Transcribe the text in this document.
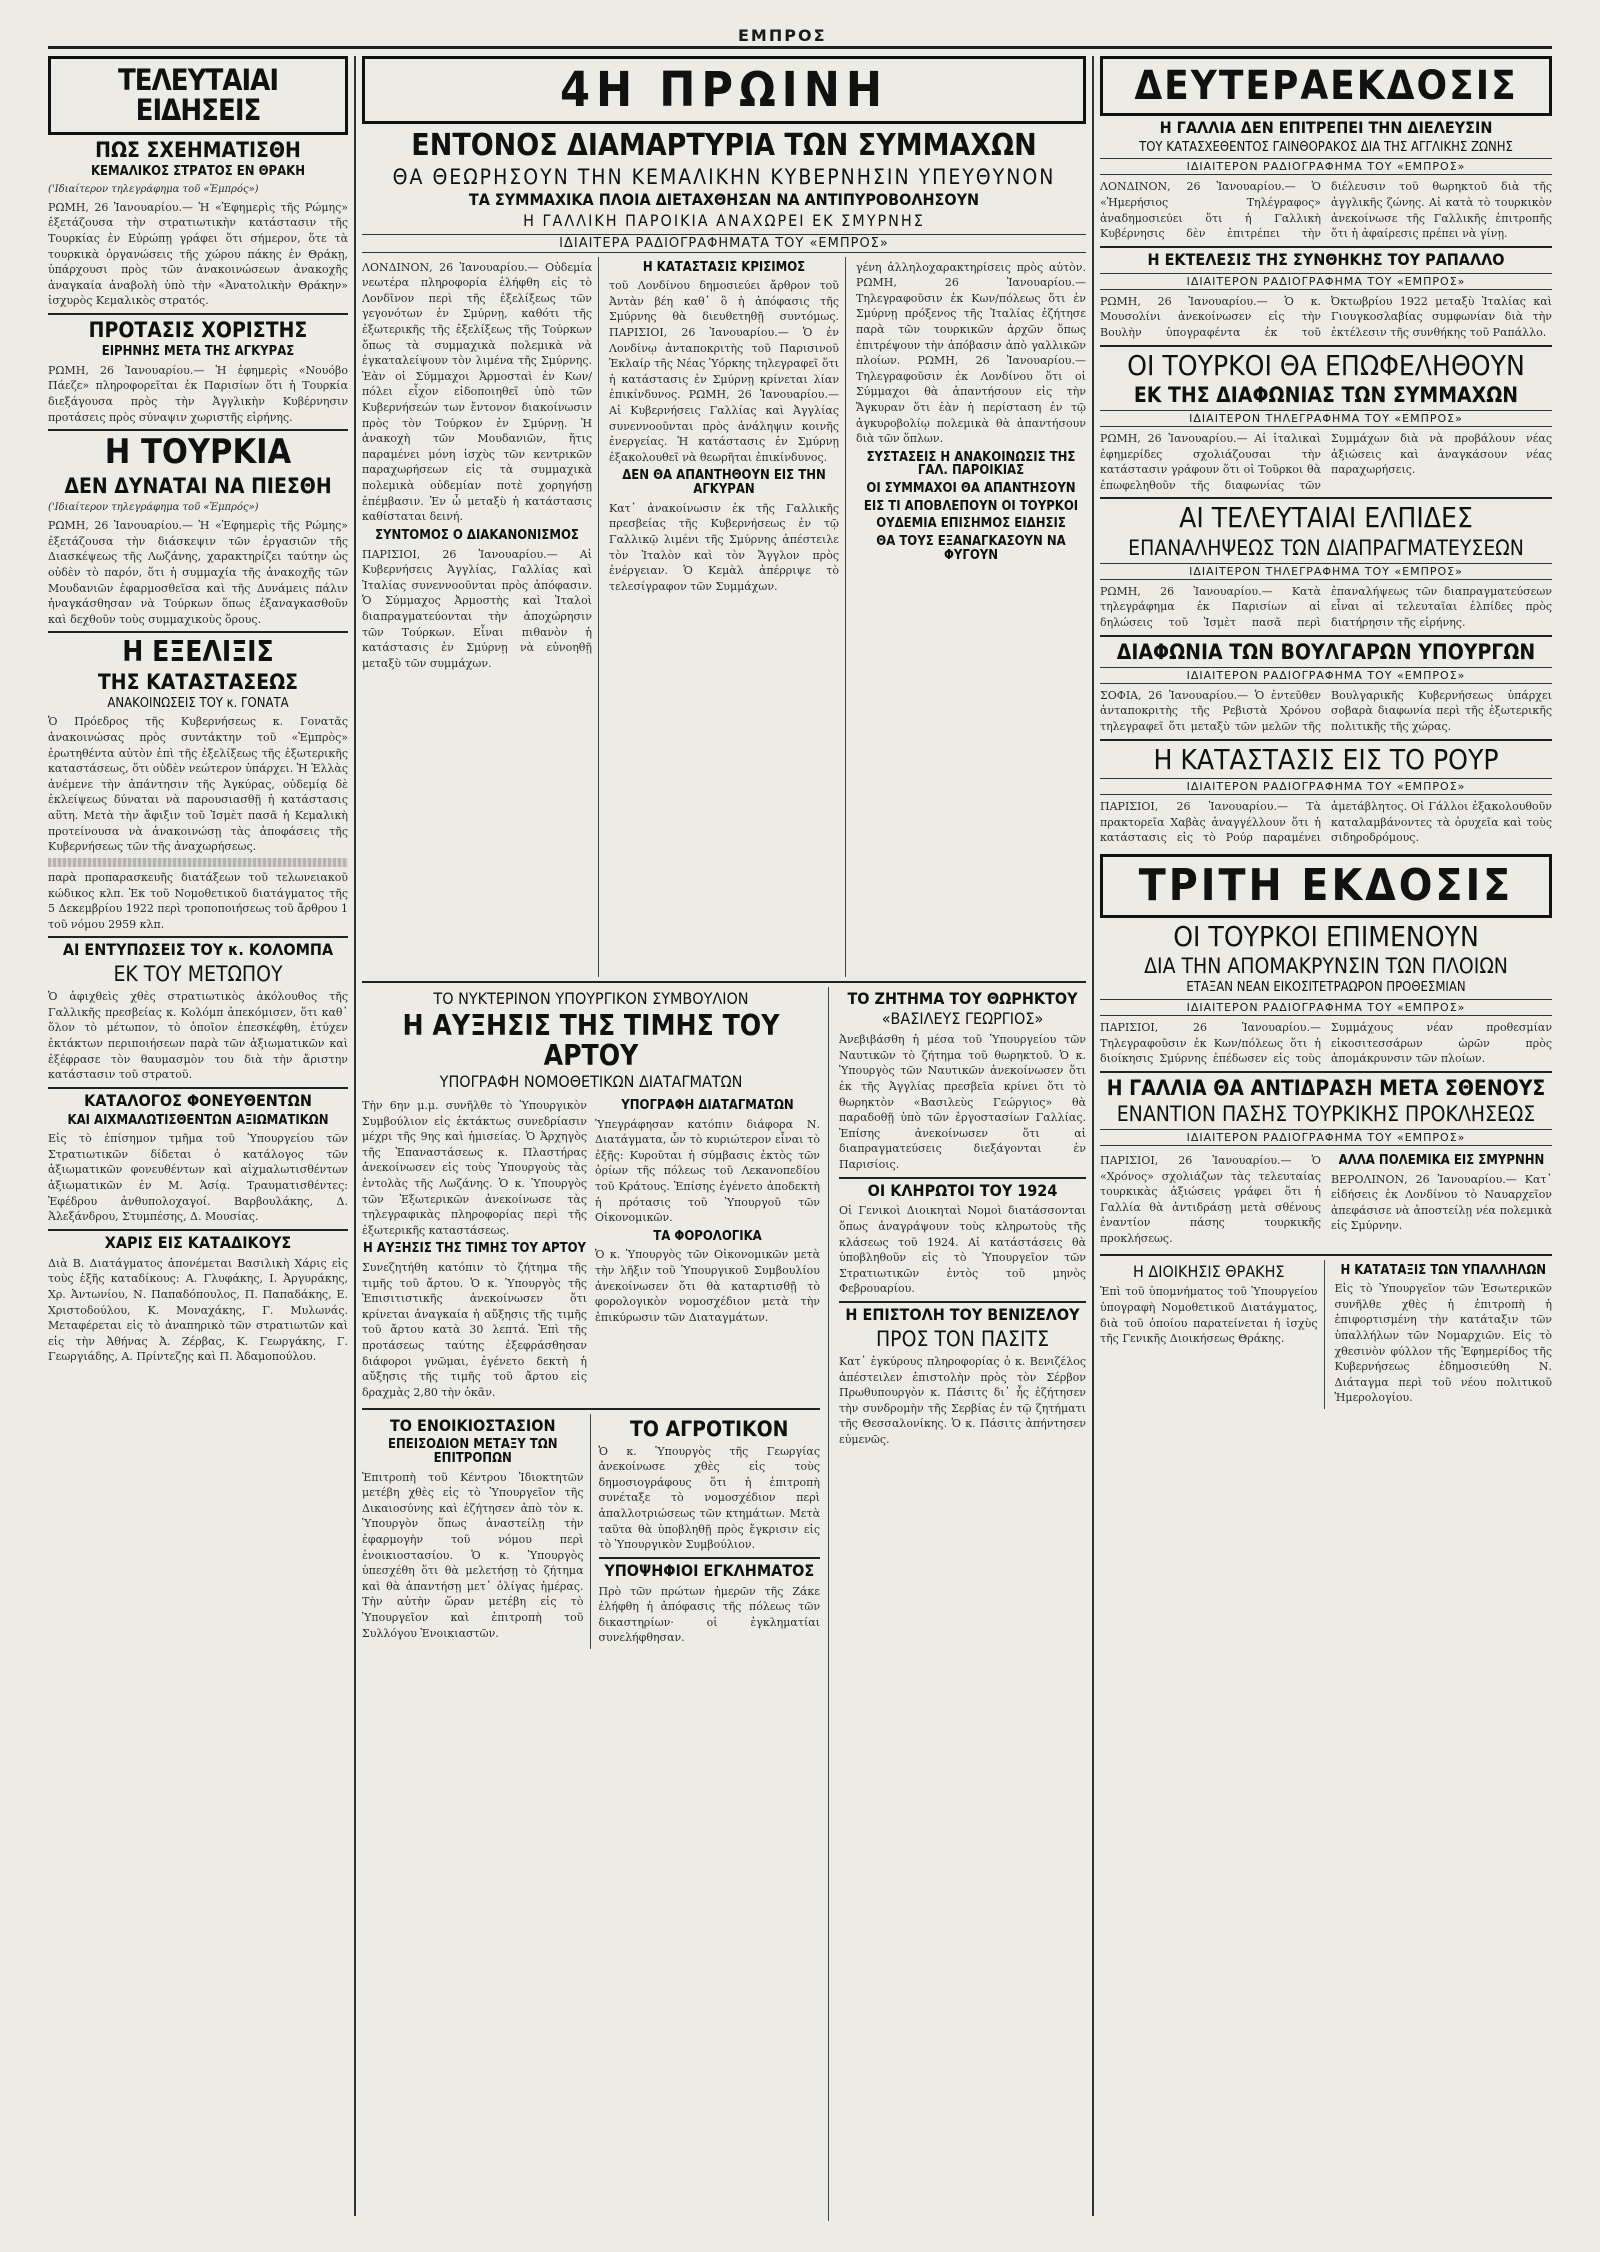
ΕΜΠΡΟΣ
ΤΕΛΕΥΤΑΙΑΙ ΕΙΔΗΣΕΙΣ
ΠΩΣ ΣΧΕΗΜΑΤΙΣΘΗ
ΚΕΜΑΛΙΚΟΣ ΣΤΡΑΤΟΣ ΕΝ ΘΡΑΚΗ
('Ιδιαίτερον τηλεγράφημα τοῦ «Ἐμπρός»)
ΡΩΜΗ, 26 Ἰανουαρίου.— Ἡ «Ἐφημερὶς τῆς Ρώμης» ἐξετάζουσα τὴν στρατιωτικὴν κατάστασιν τῆς Τουρκίας ἐν Εὐρώπῃ γράφει ὅτι σήμερον, ὅτε τὰ τουρκικὰ ὀργανώσεις τῆς χώρου πάκης ἐν Θράκῃ, ὑπάρχουσι πρὸς τῶν ἀνακοινώσεων ἀνακοχῆς ἀναγκαία ἀναβολὴ ὑπὸ τὴν «Ἀνατολικὴν Θράκην» ἰσχυρὸς Κεμαλικὸς στρατός.
ΠΡΟΤΑΣΙΣ ΧΟΡΙΣΤΗΣ
ΕΙΡΗΝΗΣ ΜΕΤΑ ΤΗΣ ΑΓΚΥΡΑΣ
ΡΩΜΗ, 26 Ἰανουαρίου.— Ἡ ἐφημερὶς «Νουόβο Πάεζε» πληροφορεῖται ἐκ Παρισίων ὅτι ἡ Τουρκία διεξάγουσα πρὸς τὴν Ἀγγλικὴν Κυβέρνησιν προτάσεις πρὸς σύναψιν χωριστῆς εἰρήνης.
Η ΤΟΥΡΚΙΑ
ΔΕΝ ΔΥΝΑΤΑΙ ΝΑ ΠΙΕΣΘΗ
('Ιδιαίτερον τηλεγράφημα τοῦ «Ἐμπρός»)
ΡΩΜΗ, 26 Ἰανουαρίου.— Ἡ «Ἐφημερὶς τῆς Ρώμης» ἐξετάζουσα τὴν διάσκεψιν τῶν ἐργασιῶν τῆς Διασκέψεως τῆς Λωζάνης, χαρακτηρίζει ταύτην ὡς οὐδὲν τὸ παρόν, ὅτι ἡ συμμαχία τῆς ἀνακοχῆς τῶν Μουδανιῶν ἐφαρμοσθεῖσα καὶ τῆς Δυνάμεις πάλιν ἠναγκάσθησαν νὰ Τούρκων ὅπως ἐξαναγκασθοῦν καὶ δεχθοῦν τοὺς συμμαχικοὺς ὅρους.
Η ΕΞΕΛΙΞΙΣ
ΤΗΣ ΚΑΤΑΣΤΑΣΕΩΣ
ΑΝΑΚΟΙΝΩΣΕΙΣ ΤΟΥ κ. ΓΟΝΑΤΑ
Ὁ Πρόεδρος τῆς Κυβερνήσεως κ. Γονατᾶς ἀνακοινώσας πρὸς συντάκτην τοῦ «Ἐμπρὸς» ἐρωτηθέντα αὐτὸν ἐπὶ τῆς ἐξελίξεως τῆς ἐξωτερικῆς καταστάσεως, ὅτι οὐδὲν νεώτερον ὑπάρχει. Ἡ Ἑλλὰς ἀνέμενε τὴν ἀπάντησιν τῆς Ἀγκύρας, οὐδεμίᾳ δὲ ἐκλείψεως δύναται νὰ παρουσιασθῇ ἡ κατάστασις αὕτη. Μετὰ τὴν ἄφιξιν τοῦ Ἰσμὲτ πασᾶ ἡ Κεμαλικὴ προτείνουσα νὰ ἀνακοινώσῃ τὰς ἀποφάσεις τῆς Κυβερνήσεως τῶν τῆς ἀναχωρήσεως.
παρὰ προπαρασκευῆς διατάξεων τοῦ τελωνειακοῦ κώδικος κλπ. Ἐκ τοῦ Νομοθετικοῦ διατάγματος τῆς 5 Δεκεμβρίου 1922 περὶ τροποποιήσεως τοῦ ἄρθρου 1 τοῦ νόμου 2959 κλπ.
ΑΙ ΕΝΤΥΠΩΣΕΙΣ ΤΟΥ κ. ΚΟΛΟΜΠΑ
ΕΚ ΤΟΥ ΜΕΤΩΠΟΥ
Ὁ ἀφιχθεὶς χθὲς στρατιωτικὸς ἀκόλουθος τῆς Γαλλικῆς πρεσβείας κ. Κολόμπ ἀπεκόμισεν, ὅτι καθ᾽ ὅλον τὸ μέτωπον, τὸ ὁποῖον ἐπεσκέφθη, ἐτύχεν ἐκτάκτων περιποιήσεων παρὰ τῶν ἀξιωματικῶν καὶ ἐξέφρασε τὸν θαυμασμὸν του διὰ τὴν ἄριστην κατάστασιν τοῦ στρατοῦ.
ΚΑΤΑΛΟΓΟΣ ΦΟΝΕΥΘΕΝΤΩΝ
ΚΑΙ ΑΙΧΜΑΛΩΤΙΣΘΕΝΤΩΝ ΑΞΙΩΜΑΤΙΚΩΝ
Εἰς τὸ ἐπίσημον τμῆμα τοῦ Ὑπουργείου τῶν Στρατιωτικῶν δίδεται ὁ κατάλογος τῶν ἀξιωματικῶν φονευθέντων καὶ αἰχμαλωτισθέντων ἀξιωματικῶν ἐν Μ. Ἀσίᾳ. Τραυματισθέντες: Ἐφέδρου ἀνθυπολοχαγοί. Βαρβουλάκης, Δ. Ἀλεξάνδρου, Στυμπέσης, Δ. Μουσίας.
ΧΑΡΙΣ ΕΙΣ ΚΑΤΑΔΙΚΟΥΣ
Διὰ Β. Διατάγματος ἀπονέμεται Βασιλικὴ Χάρις εἰς τοὺς ἑξῆς καταδίκους: Α. Γλυφάκης, Ι. Ἀργυράκης, Χρ. Ἀντωνίου, Ν. Παπαδόπουλος, Π. Παπαδάκης, Ε. Χριστοδούλου, Κ. Μοναχάκης, Γ. Μυλωνάς. Μεταφέρεται εἰς τὸ ἀναπηρικὸ τῶν στρατιωτῶν καὶ εἰς τὴν Ἀθήνας Ἀ. Ζέρβας, Κ. Γεωργάκης, Γ. Γεωργιάδης, Α. Πρίντεζης καὶ Π. Ἀδαμοπούλου.
4Η ΠΡΩΙΝΗ
ΕΝΤΟΝΟΣ ΔΙΑΜΑΡΤΥΡΙΑ ΤΩΝ ΣΥΜΜΑΧΩΝ
ΘΑ ΘΕΩΡΗΣΟΥΝ ΤΗΝ ΚΕΜΑΛΙΚΗΝ ΚΥΒΕΡΝΗΣΙΝ ΥΠΕΥΘΥΝΟΝ
ΤΑ ΣΥΜΜΑΧΙΚΑ ΠΛΟΙΑ ΔΙΕΤΑΧΘΗΣΑΝ ΝΑ ΑΝΤΙΠΥΡΟΒΟΛΗΣΟΥΝ
Η ΓΑΛΛΙΚΗ ΠΑΡΟΙΚΙΑ ΑΝΑΧΩΡΕΙ ΕΚ ΣΜΥΡΝΗΣ
ΙΔΙΑΙΤΕΡΑ ΡΑΔΙΟΓΡΑΦΗΜΑΤΑ ΤΟΥ «ΕΜΠΡΟΣ»
ΛΟΝΔΙΝΟΝ, 26 Ἰανουαρίου.— Οὐδεμία νεωτέρα πληροφορία ἐλήφθη εἰς τὸ Λονδῖνον περὶ τῆς ἐξελίξεως τῶν γεγονότων ἐν Σμύρνῃ, καθότι τῆς ἐξωτερικῆς τῆς ἐξελίξεως τῆς Τούρκων ὅπως τὰ συμμαχικὰ πολεμικὰ νὰ ἐγκαταλείψουν τὸν λιμένα τῆς Σμύρνης. Ἐὰν οἱ Σύμμαχοι Ἀρμοσταὶ ἐν Κων/πόλει εἶχον εἰδοποιηθεῖ ὑπὸ τῶν Κυβερνήσεών των ἔντονον διακοίνωσιν πρὸς τὸν Τούρκον ἐν Σμύρνῃ. Ἡ ἀνακοχὴ τῶν Μουδανιῶν, ἥτις παραμένει μόνη ἰσχὺς τῶν κεντρικῶν παραχωρήσεων εἰς τὰ συμμαχικὰ πολεμικὰ οὐδεμίαν ποτὲ χορηγήσῃ ἐπέμβασιν. Ἐν ὧ μεταξὺ ἡ κατάστασις καθίσταται δεινή.
ΣΥΝΤΟΜΟΣ Ο ΔΙΑΚΑΝΟΝΙΣΜΟΣ
ΠΑΡΙΣΙΟΙ, 26 Ἰανουαρίου.— Αἱ Κυβερνήσεις Ἀγγλίας, Γαλλίας καὶ Ἰταλίας συνεννοοῦνται πρὸς ἀπόφασιν. Ὁ Σύμμαχος Ἀρμοστὴς καὶ Ἰταλοὶ διαπραγματεύονται τὴν ἀποχώρησιν τῶν Τούρκων. Εἶναι πιθανὸν ἡ κατάστασις ἐν Σμύρνῃ νὰ εὐνοηθῇ μεταξὺ τῶν συμμάχων.
Η ΚΑΤΑΣΤΑΣΙΣ ΚΡΙΣΙΜΟΣ
τοῦ Λονδίνου δημοσιεύει ἄρθρον τοῦ Ἀντὰν βέη καθ᾽ ὃ ἡ ἀπόφασις τῆς Σμύρνης θὰ διευθετηθῇ συντόμως. ΠΑΡΙΣΙΟΙ, 26 Ἰανουαρίου.— Ὁ ἐν Λονδίνῳ ἀνταποκριτὴς τοῦ Παρισινοῦ Ἐκλαίρ τῆς Νέας Ὑόρκης τηλεγραφεῖ ὅτι ἡ κατάστασις ἐν Σμύρνῃ κρίνεται λίαν ἐπικίνδυνος. ΡΩΜΗ, 26 Ἰανουαρίου.— Αἱ Κυβερνήσεις Γαλλίας καὶ Ἀγγλίας συνεννοοῦνται πρὸς ἀνάληψιν κοινῆς ἐνεργείας. Ἡ κατάστασις ἐν Σμύρνῃ ἐξακολουθεῖ νὰ θεωρῆται ἐπικίνδυνος.
ΔΕΝ ΘΑ ΑΠΑΝΤΗΘΟΥΝ ΕΙΣ ΤΗΝ ΑΓΚΥΡΑΝ
Κατ᾽ ἀνακοίνωσιν ἐκ τῆς Γαλλικῆς πρεσβείας τῆς Κυβερνήσεως ἐν τῷ Γαλλικῷ λιμένι τῆς Σμύρνης ἀπέστειλε τὸν Ἰταλὸν καὶ τὸν Ἄγγλον πρὸς ἐνέργειαν. Ὁ Κεμὰλ ἀπέρριψε τὸ τελεσίγραφον τῶν Συμμάχων.
γένη ἀλληλοχαρακτηρίσεις πρὸς αὐτὸν. ΡΩΜΗ, 26 Ἰανουαρίου.— Τηλεγραφοῦσιν ἐκ Κων/πόλεως ὅτι ἐν Σμύρνῃ πρόξενος τῆς Ἰταλίας ἐζήτησε παρὰ τῶν τουρκικῶν ἀρχῶν ὅπως ἐπιτρέψουν τὴν ἀπόβασιν ἀπὸ γαλλικῶν πλοίων. ΡΩΜΗ, 26 Ἰανουαρίου.— Τηλεγραφοῦσιν ἐκ Λονδίνου ὅτι οἱ Σύμμαχοι θὰ ἀπαντήσουν εἰς τὴν Ἄγκυραν ὅτι ἐὰν ἡ περίσταση ἐν τῷ ἀγκυροβολίῳ πολεμικὰ θὰ ἀπαντήσουν διὰ τῶν ὅπλων.
ΣΥΣΤΑΣΕΙΣ Η ΑΝΑΚΟΙΝΩΣΙΣ ΤΗΣ ΓΑΛ. ΠΑΡΟΙΚΙΑΣ
ΟΙ ΣΥΜΜΑΧΟΙ ΘΑ ΑΠΑΝΤΗΣΟΥΝ
ΕΙΣ ΤΙ ΑΠΟΒΛΕΠΟΥΝ ΟΙ ΤΟΥΡΚΟΙ
ΟΥΔΕΜΙΑ ΕΠΙΣΗΜΟΣ ΕΙΔΗΣΙΣ
ΘΑ ΤΟΥΣ ΕΞΑΝΑΓΚΑΣΟΥΝ ΝΑ ΦΥΓΟΥΝ
ΤΟ ΝΥΚΤΕΡΙΝΟΝ ΥΠΟΥΡΓΙΚΟΝ ΣΥΜΒΟΥΛΙΟΝ
Η ΑΥΞΗΣΙΣ ΤΗΣ ΤΙΜΗΣ ΤΟΥ ΑΡΤΟΥ
ΥΠΟΓΡΑΦΗ ΝΟΜΟΘΕΤΙΚΩΝ ΔΙΑΤΑΓΜΑΤΩΝ
Τὴν 6ην μ.μ. συνῆλθε τὸ Ὑπουργικὸν Συμβούλιον εἰς ἐκτάκτως συνεδρίασιν μέχρι τῆς 9ης καὶ ἡμισείας. Ὁ Ἀρχηγὸς τῆς Ἐπαναστάσεως κ. Πλαστήρας ἀνεκοίνωσεν εἰς τοὺς Ὑπουργοὺς τὰς ἐντολὰς τῆς Λωζάνης. Ὁ κ. Ὑπουργὸς τῶν Ἐξωτερικῶν ἀνεκοίνωσε τὰς τηλεγραφικὰς πληροφορίας περὶ τῆς ἐξωτερικῆς καταστάσεως.
Η ΑΥΞΗΣΙΣ ΤΗΣ ΤΙΜΗΣ ΤΟΥ ΑΡΤΟΥ
Συνεζητήθη κατόπιν τὸ ζήτημα τῆς τιμῆς τοῦ ἄρτου. Ὁ κ. Ὑπουργὸς τῆς Ἐπισιτιστικῆς ἀνεκοίνωσεν ὅτι κρίνεται ἀναγκαία ἡ αὔξησις τῆς τιμῆς τοῦ ἄρτου κατὰ 30 λεπτά. Ἐπὶ τῆς προτάσεως ταύτης ἐξεφράσθησαν διάφοροι γνῶμαι, ἐγένετο δεκτὴ ἡ αὔξησις τῆς τιμῆς τοῦ ἄρτου εἰς δραχμὰς 2,80 τὴν ὀκᾶν.
ΥΠΟΓΡΑΦΗ ΔΙΑΤΑΓΜΑΤΩΝ
Ὑπεγράφησαν κατόπιν διάφορα Ν. Διατάγματα, ὧν τὸ κυριώτερον εἶναι τὸ ἐξῆς: Κυροῦται ἡ σύμβασις ἐκτὸς τῶν ὁρίων τῆς πόλεως τοῦ Λεκανοπεδίου τοῦ Κράτους. Ἐπίσης ἐγένετο ἀποδεκτὴ ἡ πρότασις τοῦ Ὑπουργοῦ τῶν Οἰκονομικῶν.
ΤΑ ΦΟΡΟΛΟΓΙΚΑ
Ὁ κ. Ὑπουργὸς τῶν Οἰκονομικῶν μετὰ τὴν λῆξιν τοῦ Ὑπουργικοῦ Συμβουλίου ἀνεκοίνωσεν ὅτι θὰ καταρτισθῇ τὸ φορολογικὸν νομοσχέδιον μετὰ τὴν ἐπικύρωσιν τῶν Διαταγμάτων.
ΤΟ ΕΝΟΙΚΙΟΣΤΑΣΙΟΝ
ΕΠΕΙΣΟΔΙΟΝ ΜΕΤΑΞΥ ΤΩΝ ΕΠΙΤΡΟΠΩΝ
Ἐπιτροπὴ τοῦ Κέντρου Ἰδιοκτητῶν μετέβη χθὲς εἰς τὸ Ὑπουργεῖον τῆς Δικαιοσύνης καὶ ἐζήτησεν ἀπὸ τὸν κ. Ὑπουργὸν ὅπως ἀναστείλῃ τὴν ἐφαρμογὴν τοῦ νόμου περὶ ἐνοικιοστασίου. Ὁ κ. Ὑπουργὸς ὑπεσχέθη ὅτι θὰ μελετήσῃ τὸ ζήτημα καὶ θὰ ἀπαντήσῃ μετ᾽ ὀλίγας ἡμέρας. Τὴν αὐτὴν ὥραν μετέβη εἰς τὸ Ὑπουργεῖον καὶ ἐπιτροπὴ τοῦ Συλλόγου Ἐνοικιαστῶν.
ΤΟ ΑΓΡΟΤΙΚΟΝ
Ὁ κ. Ὑπουργὸς τῆς Γεωργίας ἀνεκοίνωσε χθὲς εἰς τοὺς δημοσιογράφους ὅτι ἡ ἐπιτροπὴ συνέταξε τὸ νομοσχέδιον περὶ ἀπαλλοτριώσεως τῶν κτημάτων. Μετὰ ταῦτα θὰ ὑποβληθῇ πρὸς ἔγκρισιν εἰς τὸ Ὑπουργικὸν Συμβούλιον.
ΥΠΟΨΗΦΙΟΙ ΕΓΚΛΗΜΑΤΟΣ
Πρὸ τῶν πρώτων ἡμερῶν τῆς Ζάκε ἐλήφθη ἡ ἀπόφασις τῆς πόλεως τῶν δικαστηρίων· οἱ ἐγκληματίαι συνελήφθησαν.
ΤΟ ΖΗΤΗΜΑ ΤΟΥ ΘΩΡΗΚΤΟΥ
«ΒΑΣΙΛΕΥΣ ΓΕΩΡΓΙΟΣ»
Ἀνεβιβάσθη ἡ μέσα τοῦ Ὑπουργείου τῶν Ναυτικῶν τὸ ζήτημα τοῦ θωρηκτοῦ. Ὁ κ. Ὑπουργὸς τῶν Ναυτικῶν ἀνεκοίνωσεν ὅτι ἐκ τῆς Ἀγγλίας πρεσβεῖα κρίνει ὅτι τὸ θωρηκτὸν «Βασιλεὺς Γεώργιος» θὰ παραδοθῇ ὑπὸ τῶν ἐργοστασίων Γαλλίας. Ἐπίσης ἀνεκοίνωσεν ὅτι αἱ διαπραγματεύσεις διεξάγονται ἐν Παρισίοις.
ΟΙ ΚΛΗΡΩΤΟΙ ΤΟΥ 1924
Οἱ Γενικοὶ Διοικηταὶ Νομοὶ διατάσσονται ὅπως ἀναγράψουν τοὺς κληρωτοὺς τῆς κλάσεως τοῦ 1924. Αἱ κατάστάσεις θὰ ὑποβληθοῦν εἰς τὸ Ὑπουργεῖον τῶν Στρατιωτικῶν ἐντὸς τοῦ μηνὸς Φεβρουαρίου.
Η ΕΠΙΣΤΟΛΗ ΤΟΥ ΒΕΝΙΖΕΛΟΥ
ΠΡΟΣ ΤΟΝ ΠΑΣΙΤΣ
Κατ᾽ ἐγκύρους πληροφορίας ὁ κ. Βενιζέλος ἀπέστειλεν ἐπιστολὴν πρὸς τὸν Σέρβον Πρωθυπουργὸν κ. Πάσιτς δι᾽ ἧς ἐζήτησεν τὴν συνδρομὴν τῆς Σερβίας ἐν τῷ ζητήματι τῆς Θεσσαλονίκης. Ὁ κ. Πάσιτς ἀπήντησεν εὐμενῶς.
ΔΕΥΤΕΡΑΕΚΔΟΣΙΣ
Η ΓΑΛΛΙΑ ΔΕΝ ΕΠΙΤΡΕΠΕΙ ΤΗΝ ΔΙΕΛΕΥΣΙΝ
ΤΟΥ ΚΑΤΑΣΧΕΘΕΝΤΟΣ ΓΑΙΝΘΟΡΑΚΟΣ ΔΙΑ ΤΗΣ ΑΓΓΛΙΚΗΣ ΖΩΝΗΣ
ΙΔΙΑΙΤΕΡΟΝ ΡΑΔΙΟΓΡΑΦΗΜΑ ΤΟΥ «ΕΜΠΡΟΣ»
ΛΟΝΔΙΝΟΝ, 26 Ἰανουαρίου.— Ὁ «Ἡμερήσιος Τηλέγραφος» ἀναδημοσιεύει ὅτι ἡ Γαλλικὴ Κυβέρνησις δὲν ἐπιτρέπει τὴν διέλευσιν τοῦ θωρηκτοῦ διὰ τῆς ἀγγλικῆς ζώνης. Αἱ κατὰ τὸ τουρκικὸν ἀνεκοίνωσε τῆς Γαλλικῆς ἐπιτροπῆς ὅτι ἡ ἀφαίρεσις πρέπει νὰ γίνῃ.
Η ΕΚΤΕΛΕΣΙΣ ΤΗΣ ΣΥΝΘΗΚΗΣ ΤΟΥ ΡΑΠΑΛΛΟ
ΙΔΙΑΙΤΕΡΟΝ ΡΑΔΙΟΓΡΑΦΗΜΑ ΤΟΥ «ΕΜΠΡΟΣ»
ΡΩΜΗ, 26 Ἰανουαρίου.— Ὁ κ. Μουσολίνι ἀνεκοίνωσεν εἰς τὴν Βουλὴν ὑπογραφέντα ἐκ τοῦ Ὀκτωβρίου 1922 μεταξὺ Ἰταλίας καὶ Γιουγκοσλαβίας συμφωνίαν διὰ τὴν ἐκτέλεσιν τῆς συνθήκης τοῦ Ραπάλλο.
ΟΙ ΤΟΥΡΚΟΙ ΘΑ ΕΠΩΦΕΛΗΘΟΥΝ
ΕΚ ΤΗΣ ΔΙΑΦΩΝΙΑΣ ΤΩΝ ΣΥΜΜΑΧΩΝ
ΙΔΙΑΙΤΕΡΟΝ ΤΗΛΕΓΡΑΦΗΜΑ ΤΟΥ «ΕΜΠΡΟΣ»
ΡΩΜΗ, 26 Ἰανουαρίου.— Αἱ ἰταλικαὶ ἐφημερίδες σχολιάζουσαι τὴν κατάστασιν γράφουν ὅτι οἱ Τοῦρκοι θὰ ἐπωφεληθοῦν τῆς διαφωνίας τῶν Συμμάχων διὰ νὰ προβάλουν νέας ἀξιώσεις καὶ ἀναγκάσουν νέας παραχωρήσεις.
ΑΙ ΤΕΛΕΥΤΑΙΑΙ ΕΛΠΙΔΕΣ
ΕΠΑΝΑΛΗΨΕΩΣ ΤΩΝ ΔΙΑΠΡΑΓΜΑΤΕΥΣΕΩΝ
ΙΔΙΑΙΤΕΡΟΝ ΤΗΛΕΓΡΑΦΗΜΑ ΤΟΥ «ΕΜΠΡΟΣ»
ΡΩΜΗ, 26 Ἰανουαρίου.— Κατὰ τηλεγράφημα ἐκ Παρισίων αἱ δηλώσεις τοῦ Ἰσμὲτ πασᾶ περὶ ἐπαναλήψεως τῶν διαπραγματεύσεων εἶναι αἱ τελευταῖαι ἐλπίδες πρὸς διατήρησιν τῆς εἰρήνης.
ΔΙΑΦΩΝΙΑ ΤΩΝ ΒΟΥΛΓΑΡΩΝ ΥΠΟΥΡΓΩΝ
ΙΔΙΑΙΤΕΡΟΝ ΡΑΔΙΟΓΡΑΦΗΜΑ ΤΟΥ «ΕΜΠΡΟΣ»
ΣΟΦΙΑ, 26 Ἰανουαρίου.— Ὁ ἐντεῦθεν ἀνταποκριτὴς τῆς Ρεβιστὰ Χρόνου τηλεγραφεῖ ὅτι μεταξὺ τῶν μελῶν τῆς Βουλγαρικῆς Κυβερνήσεως ὑπάρχει σοβαρὰ διαφωνία περὶ τῆς ἐξωτερικῆς πολιτικῆς τῆς χώρας.
Η ΚΑΤΑΣΤΑΣΙΣ ΕΙΣ ΤΟ ΡΟΥΡ
ΙΔΙΑΙΤΕΡΟΝ ΡΑΔΙΟΓΡΑΦΗΜΑ ΤΟΥ «ΕΜΠΡΟΣ»
ΠΑΡΙΣΙΟΙ, 26 Ἰανουαρίου.— Τὰ πρακτορεῖα Χαβὰς ἀναγγέλλουν ὅτι ἡ κατάστασις εἰς τὸ Ρούρ παραμένει ἀμετάβλητος. Οἱ Γάλλοι ἐξακολουθοῦν καταλαμβάνοντες τὰ ὀρυχεῖα καὶ τοὺς σιδηροδρόμους.
ΤΡΙΤΗ ΕΚΔΟΣΙΣ
ΟΙ ΤΟΥΡΚΟΙ ΕΠΙΜΕΝΟΥΝ
ΔΙΑ ΤΗΝ ΑΠΟΜΑΚΡΥΝΣΙΝ ΤΩΝ ΠΛΟΙΩΝ
ΕΤΑΞΑΝ ΝΕΑΝ ΕΙΚΟΣΙΤΕΤΡΑΩΡΟΝ ΠΡΟΘΕΣΜΙΑΝ
ΙΔΙΑΙΤΕΡΟΝ ΡΑΔΙΟΓΡΑΦΗΜΑ ΤΟΥ «ΕΜΠΡΟΣ»
ΠΑΡΙΣΙΟΙ, 26 Ἰανουαρίου.— Τηλεγραφοῦσιν ἐκ Κων/πόλεως ὅτι ἡ διοίκησις Σμύρνης ἐπέδωσεν εἰς τοὺς Συμμάχους νέαν προθεσμίαν εἰκοσιτεσσάρων ὡρῶν πρὸς ἀπομάκρυνσιν τῶν πλοίων.
Η ΓΑΛΛΙΑ ΘΑ ΑΝΤΙΔΡΑΣΗ ΜΕΤΑ ΣΘΕΝΟΥΣ
ΕΝΑΝΤΙΟΝ ΠΑΣΗΣ ΤΟΥΡΚΙΚΗΣ ΠΡΟΚΛΗΣΕΩΣ
ΙΔΙΑΙΤΕΡΟΝ ΡΑΔΙΟΓΡΑΦΗΜΑ ΤΟΥ «ΕΜΠΡΟΣ»
ΠΑΡΙΣΙΟΙ, 26 Ἰανουαρίου.— Ὁ «Χρόνος» σχολιάζων τὰς τελευταίας τουρκικὰς ἀξιώσεις γράφει ὅτι ἡ Γαλλία θὰ ἀντιδράσῃ μετὰ σθένους ἐναντίον πάσης τουρκικῆς προκλήσεως.
ΑΛΛΑ ΠΟΛΕΜΙΚΑ ΕΙΣ ΣΜΥΡΝΗΝ
ΒΕΡΟΛΙΝΟΝ, 26 Ἰανουαρίου.— Κατ᾽ εἰδήσεις ἐκ Λονδίνου τὸ Ναυαρχεῖον ἀπεφάσισε νὰ ἀποστείλῃ νέα πολεμικὰ εἰς Σμύρνην.
Η ΔΙΟΙΚΗΣΙΣ ΘΡΑΚΗΣ
Ἐπὶ τοῦ ὑπομνήματος τοῦ Ὑπουργείου ὑπογραφὴ Νομοθετικοῦ Διατάγματος, διὰ τοῦ ὁποίου παρατείνεται ἡ ἰσχὺς τῆς Γενικῆς Διοικήσεως Θράκης.
Η ΚΑΤΑΤΑΞΙΣ ΤΩΝ ΥΠΑΛΛΗΛΩΝ
Εἰς τὸ Ὑπουργεῖον τῶν Ἐσωτερικῶν συνῆλθε χθὲς ἡ ἐπιτροπὴ ἡ ἐπιφορτισμένη τὴν κατάταξιν τῶν ὑπαλλήλων τῶν Νομαρχιῶν. Εἰς τὸ χθεσινὸν φύλλον τῆς Ἐφημερίδος τῆς Κυβερνήσεως ἐδημοσιεύθη Ν. Διάταγμα περὶ τοῦ νέου πολιτικοῦ Ἡμερολογίου.
